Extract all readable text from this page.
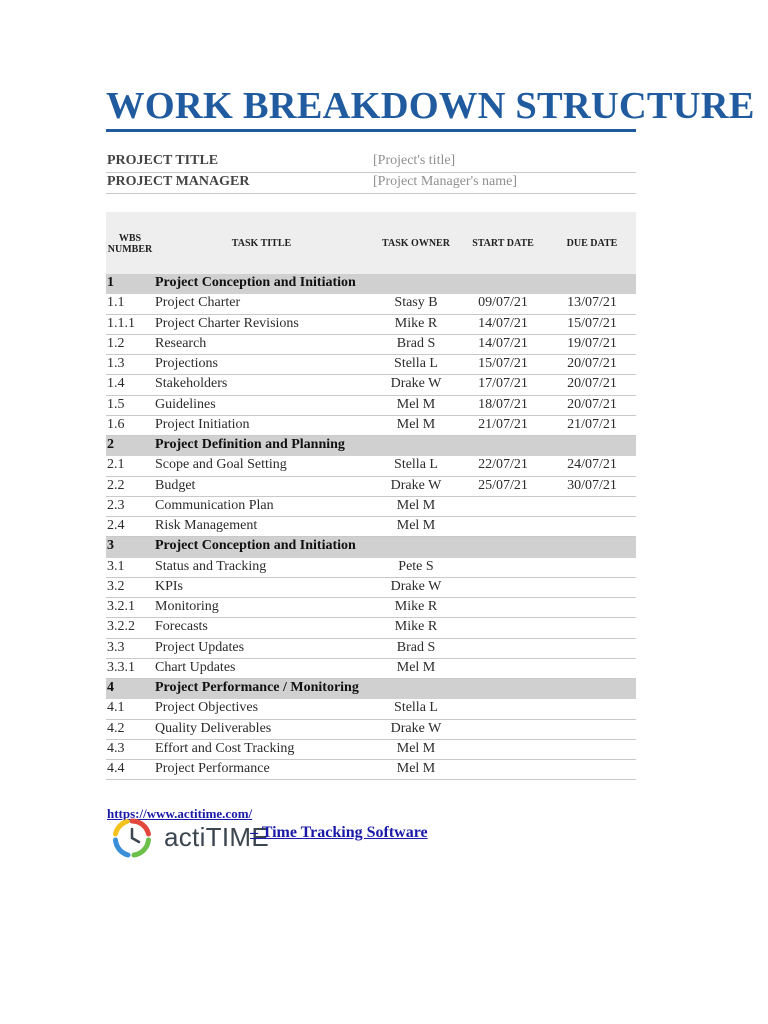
WORK BREAKDOWN STRUCTURE
PROJECT TITLE	[Project's title]
PROJECT MANAGER	[Project Manager's name]
WBS
NUMBER
TASK TITLE	TASK OWNER	START DATE	DUE DATE
1	Project Conception and Initiation
1.1 Project Charter	Stasy B	09/07/21	13/07/21
1.1.1 Project Charter Revisions	Mike R	14/07/21	15/07/21
1.2 Research	Brad S	14/07/21	19/07/21
1.3 Projections	Stella L	15/07/21	20/07/21
1.4 Stakeholders	Drake W	17/07/21	20/07/21
1.5 Guidelines	Mel M	18/07/21	20/07/21
1.6 Project Initiation	Mel M	21/07/21	21/07/21
2	Project Definition and Planning
2.1 Scope and Goal Setting	Stella L	22/07/21	24/07/21
2.2 Budget	Drake W	25/07/21	30/07/21
2.3 Communication Plan	Mel M
2.4 Risk Management	Mel M
3	Project Conception and Initiation
3.1 Status and Tracking	Pete S
3.2 KPIs	Drake W
3.2.1 Monitoring	Mike R
3.2.2 Forecasts	Mike R
3.3 Project Updates	Brad S
3.3.1 Chart Updates	Mel M
4	Project Performance / Monitoring
4.1 Project Objectives	Stella L
4.2 Quality Deliverables	Drake W
4.3 Effort and Cost Tracking	Mel M
4.4 Project Performance	Mel M
https://www.actitime.com/
actiTIME
– Time Tracking Software
